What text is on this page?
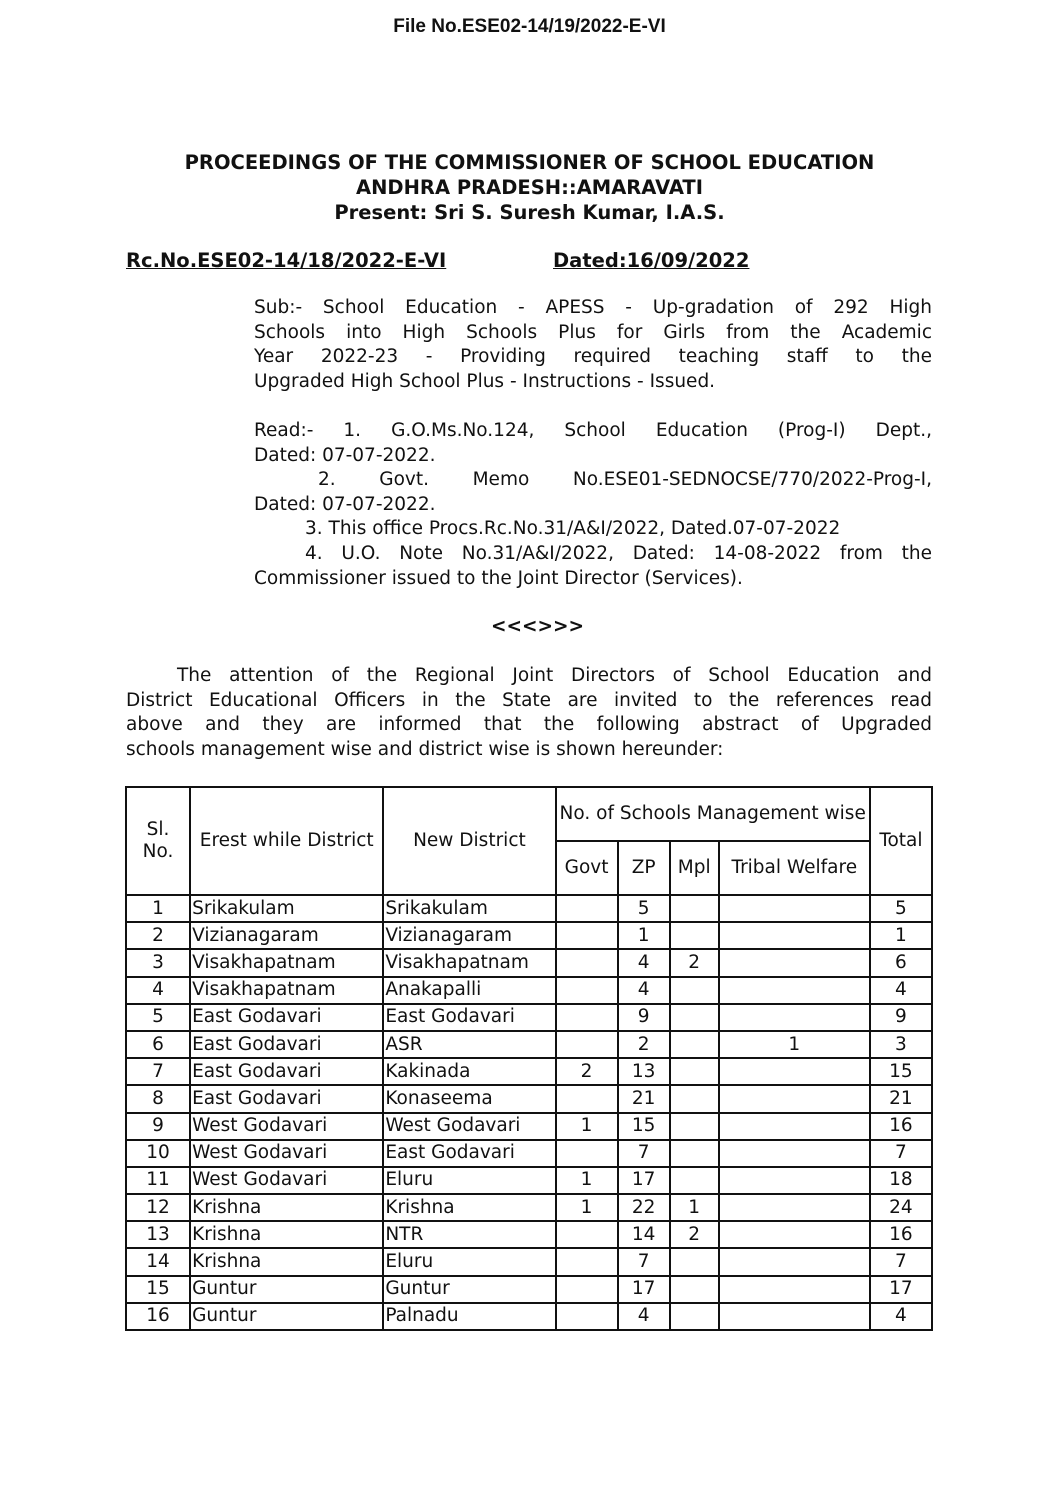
File No.ESE02-14/19/2022-E-VI
PROCEEDINGS OF THE COMMISSIONER OF SCHOOL EDUCATION
ANDHRA PRADESH::AMARAVATI
Present: Sri S. Suresh Kumar, I.A.S.
Rc.No.ESE02-14/18/2022-E-VI	Dated:16/09/2022
Sub:- School Education - APESS - Up-gradation of 292 High
Schools into High Schools Plus for Girls from the Academic
Year 2022-23 - Providing required teaching staff to the
Upgraded High School Plus - Instructions - Issued.
Read:- 1. G.O.Ms.No.124, School Education (Prog-I) Dept.,
Dated: 07-07-2022.
2. Govt. Memo No.ESE01-SEDNOCSE/770/2022-Prog-I,
Dated: 07-07-2022.
3. This office Procs.Rc.No.31/A&I/2022, Dated.07-07-2022
4. U.O. Note No.31/A&I/2022, Dated: 14-08-2022 from the
Commissioner issued to the Joint Director (Services).
<<<>>>
The attention of the Regional Joint Directors of School Education and
District Educational Officers in the State are invited to the references read
above and they are informed that the following abstract of Upgraded
schools management wise and district wise is shown hereunder:
Sl. No.	Erest while District	New District	No. of Schools Management wise				Total
			Govt	ZP	Mpl	Tribal Welfare	
1	Srikakulam	Srikakulam		5			5
2	Vizianagaram	Vizianagaram		1			1
3	Visakhapatnam	Visakhapatnam		4	2		6
4	Visakhapatnam	Anakapalli		4			4
5	East Godavari	East Godavari		9			9
6	East Godavari	ASR		2		1	3
7	East Godavari	Kakinada	2	13			15
8	East Godavari	Konaseema		21			21
9	West Godavari	West Godavari	1	15			16
10	West Godavari	East Godavari		7			7
11	West Godavari	Eluru	1	17			18
12	Krishna	Krishna	1	22	1		24
13	Krishna	NTR		14	2		16
14	Krishna	Eluru		7			7
15	Guntur	Guntur		17			17
16	Guntur	Palnadu		4			4
